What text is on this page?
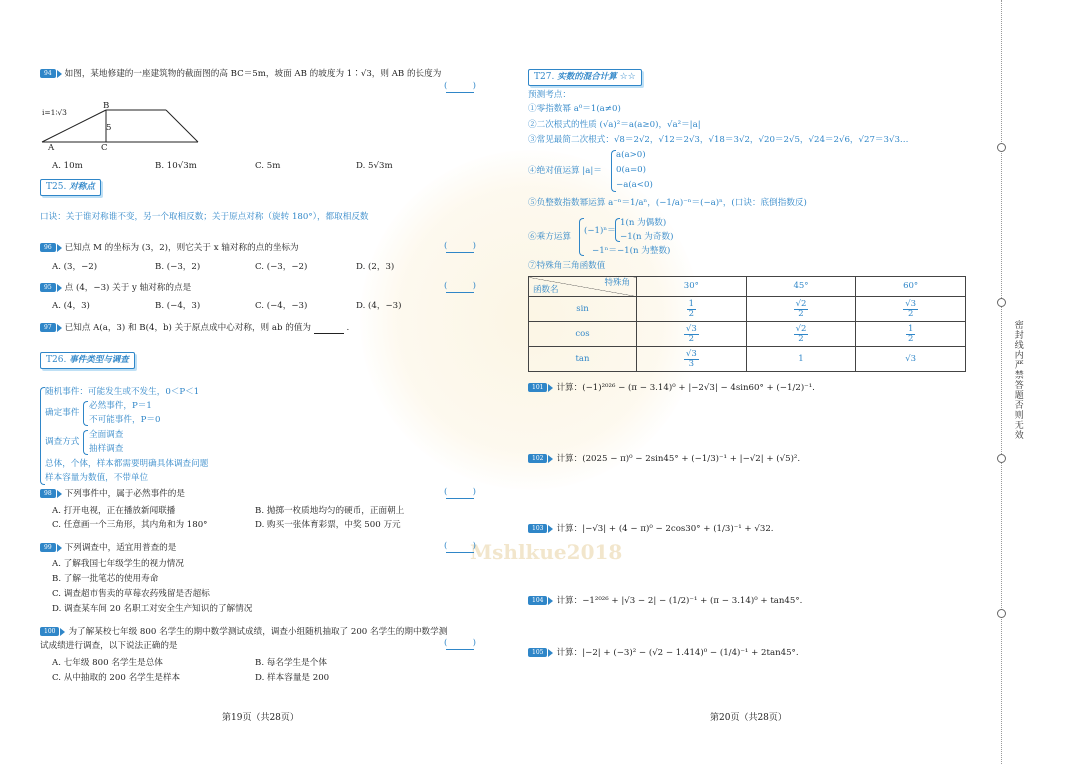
Mshlkue2018
94 如图，某地修建的一座建筑物的截面图的高 BC＝5m，坡面 AB 的坡度为 1∶√3，则 AB 的长度为
( )
i=1∶√3
B
5
A	C
A. 10m	B. 10√3m	C. 5m	D. 5√3m
T25. 对称点
口诀：关于谁对称谁不变，另一个取相反数；关于原点对称（旋转 180°），都取相反数
96 已知点 M 的坐标为 (3，2)，则它关于 x 轴对称的点的坐标为
( )
A. (3，−2)	B. (−3，2)	C. (−3，−2)	D. (2，3)
95 点 (4，−3) 关于 y 轴对称的点是
( )
A. (4，3)	B. (−4，3)	C. (−4，−3)	D. (4，−3)
97 已知点 A(a，3) 和 B(4，b) 关于原点成中心对称，则 ab 的值为	.
T26. 事件类型与调查
随机事件：可能发生或不发生，0＜P＜1
确定事件
必然事件，P＝1
不可能事件，P＝0
调查方式
全面调查
抽样调查
总体，个体，样本都需要明确具体调查问题
样本容量为数值，不带单位
98 下列事件中，属于必然事件的是
( )
A. 打开电视，正在播放新闻联播	B. 抛掷一枚质地均匀的硬币，正面朝上
C. 任意画一个三角形，其内角和为 180°	D. 购买一张体育彩票，中奖 500 万元
99 下列调查中，适宜用普查的是
( )
A. 了解我国七年级学生的视力情况
B. 了解一批笔芯的使用寿命
C. 调查超市售卖的草莓农药残留是否超标
D. 调查某车间 20 名职工对安全生产知识的了解情况
100 为了解某校七年级 800 名学生的期中数学测试成绩，调查小组随机抽取了 200 名学生的期中数学测
试成绩进行调查，以下说法正确的是
( )
A. 七年级 800 名学生是总体	B. 每名学生是个体
C. 从中抽取的 200 名学生是样本	D. 样本容量是 200
第19页（共28页）
T27. 实数的混合计算 ☆☆
预测考点：
①零指数幂 a⁰＝1(a≠0)
②二次根式的性质 (√a)²＝a(a≥0)，√a²＝|a|
③常见最简二次根式：√8＝2√2，√12＝2√3，√18＝3√2，√20＝2√5，√24＝2√6，√27＝3√3…
④绝对值运算 |a|＝
a(a>0)
0(a=0)
−a(a<0)
⑤负整数指数幂运算 a⁻ⁿ＝1/aⁿ，(−1/a)⁻ⁿ＝(−a)ⁿ，(口诀：底倒指数反)
⑥乘方运算
(−1)ⁿ＝
1(n 为偶数)
−1(n 为奇数)
−1ⁿ＝−1(n 为整数)
⑦特殊角三角函数值
特殊角
函数名	30°	45°	60°
sin	$\frac{1}{2}$	$\frac{√2}{2}$	$\frac{√3}{2}$

cos	$\frac{√3}{2}$	$\frac{√2}{2}$	$\frac{1}{2}$

tan	$\frac{√3}{3}$	1	√3
101 计算：(−1)²⁰²⁶ − (π − 3.14)⁰ + |−2√3| − 4sin60° + (−1/2)⁻¹.
102 计算：(2025 − π)⁰ − 2sin45° + (−1/3)⁻¹ + |−√2| + (√5)².
103 计算：|−√3| + (4 − π)⁰ − 2cos30° + (1/3)⁻¹ + √32.
104 计算：−1²⁰²⁶ + |√3 − 2| − (1/2)⁻¹ + (π − 3.14)⁰ + tan45°.
105 计算：|−2| + (−3)² − (√2 − 1.414)⁰ − (1/4)⁻¹ + 2tan45°.
第20页（共28页）
密封线内严禁答题否则无效
